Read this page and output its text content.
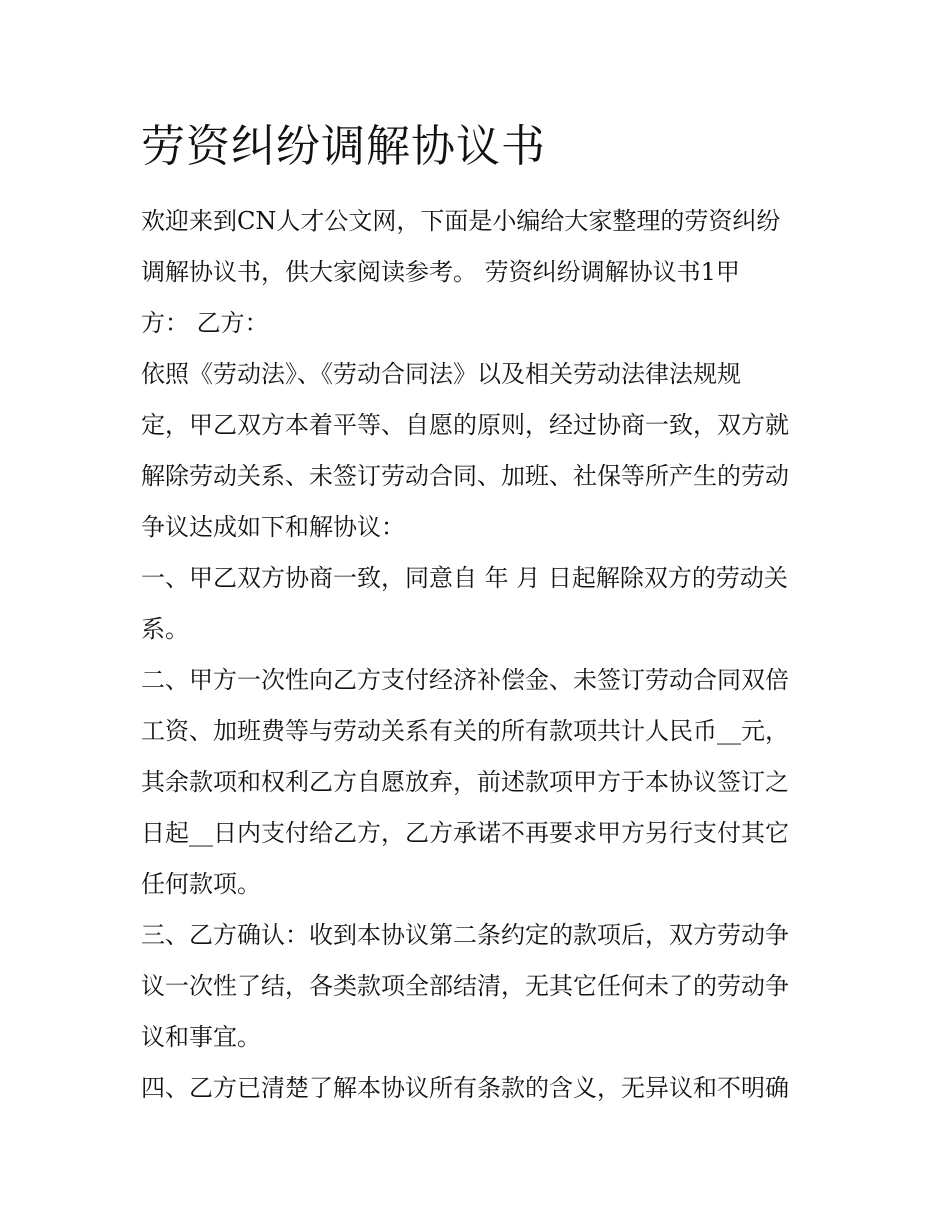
劳资纠纷调解协议书
欢迎来到CN人才公文网，下面是小编给大家整理的劳资纠纷
调解协议书，供大家阅读参考。 劳资纠纷调解协议书1甲
方： 乙方：
依照《劳动法》、《劳动合同法》以及相关劳动法律法规规
定，甲乙双方本着平等、自愿的原则，经过协商一致，双方就
解除劳动关系、未签订劳动合同、加班、社保等所产生的劳动
争议达成如下和解协议：
一、甲乙双方协商一致，同意自 年 月 日起解除双方的劳动关
系。
二、甲方一次性向乙方支付经济补偿金、未签订劳动合同双倍
工资、加班费等与劳动关系有关的所有款项共计人民币__元，
其余款项和权利乙方自愿放弃，前述款项甲方于本协议签订之
日起__日内支付给乙方，乙方承诺不再要求甲方另行支付其它
任何款项。
三、乙方确认：收到本协议第二条约定的款项后，双方劳动争
议一次性了结，各类款项全部结清，无其它任何未了的劳动争
议和事宜。
四、乙方已清楚了解本协议所有条款的含义，无异议和不明确
